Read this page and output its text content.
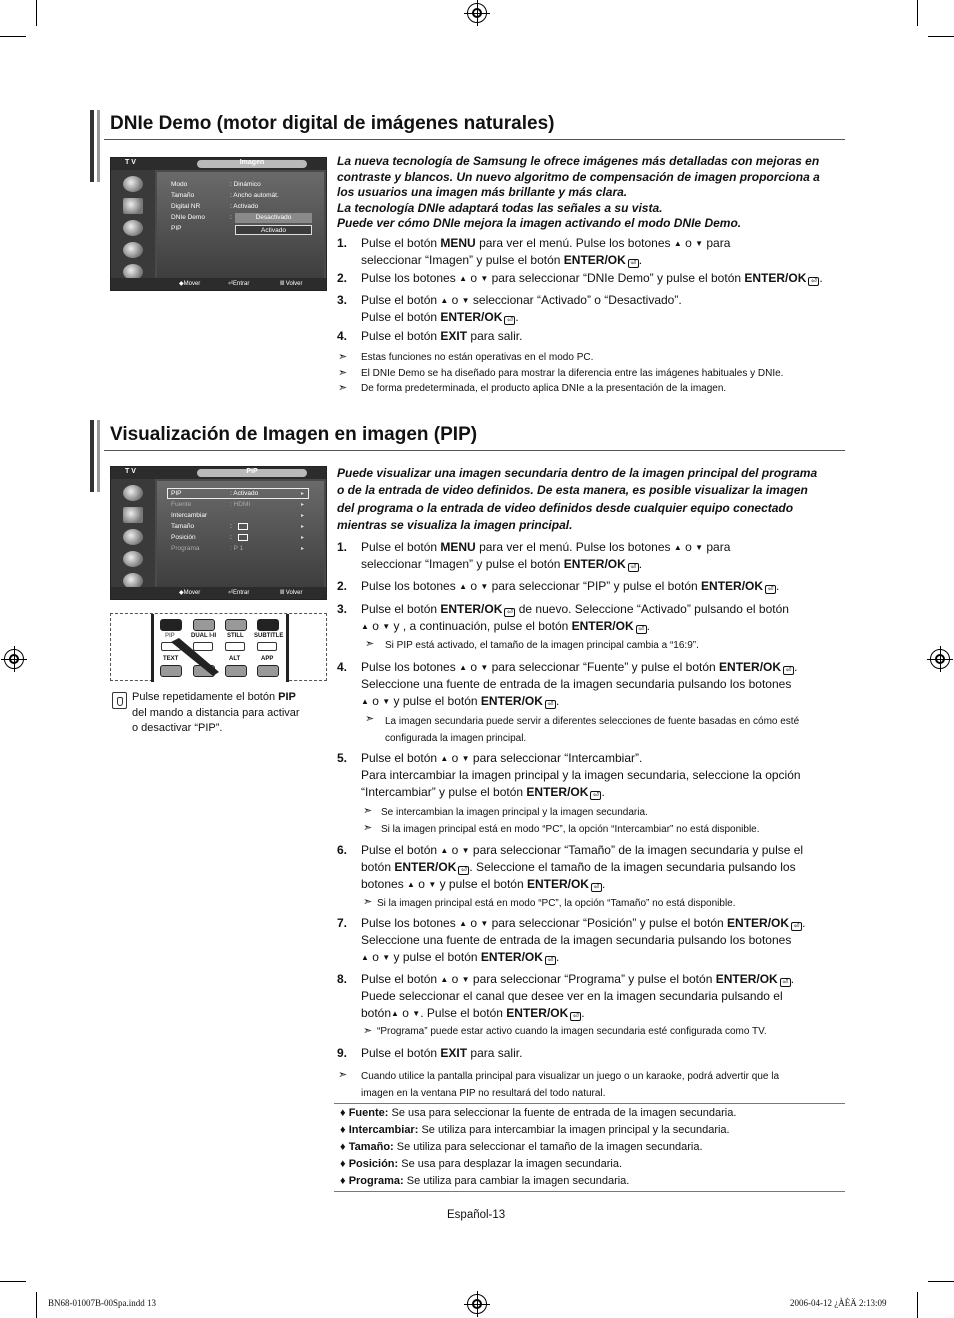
DNIe Demo (motor digital de imágenes naturales)
T V	Imagen
Modo	: Dinámico
Tamaño	: Ancho automát.
Digital NR	: Activado
DNIe Demo	:
PIP
Desactivado
Activado
◆Mover	⏎Entrar	Ⅲ Volver
La nueva tecnología de Samsung le ofrece imágenes más detalladas con mejoras en
contraste y blancos. Un nuevo algoritmo de compensación de imagen proporciona a
los usuarios una imagen más brillante y más clara.
La tecnología DNIe adaptará todas las señales a su vista.
Puede ver cómo DNIe mejora la imagen activando el modo DNIe Demo.
1. Pulse el botón MENU para ver el menú. Pulse los botones ▲ o ▼ para
seleccionar “Imagen” y pulse el botón ENTER/OK ⏎ .
2. Pulse los botones ▲ o ▼ para seleccionar “DNIe Demo” y pulse el botón ENTER/OK ⏎ .
3. Pulse el botón ▲ o ▼ seleccionar “Activado” o “Desactivado”.
Pulse el botón ENTER/OK ⏎ .
4. Pulse el botón EXIT para salir.
➣ Estas funciones no están operativas en el modo PC.
➣ El DNIe Demo se ha diseñado para mostrar la diferencia entre las imágenes habituales y DNIe.
➣ De forma predeterminada, el producto aplica DNIe a la presentación de la imagen.
Visualización de Imagen en imagen (PIP)
T V	PIP
PIP	: Activado	▸
Fuente	: HDMI	▸
Intercambiar	▸
Tamaño	:	▸
Posición	:	▸
Programa	: P 1	▸
◆Mover	⏎Entrar	Ⅲ Volver
PIP	DUAL I-II STILL SUBTITLE
TEXT	ALT	APP
Pulse repetidamente el botón PIP
del mando a distancia para activar
o desactivar “PIP”.
Puede visualizar una imagen secundaria dentro de la imagen principal del programa
o de la entrada de video definidos. De esta manera, es posible visualizar la imagen
del programa o la entrada de video definidos desde cualquier equipo conectado
mientras se visualiza la imagen principal.
1. Pulse el botón MENU para ver el menú. Pulse los botones ▲ o ▼ para
seleccionar “Imagen” y pulse el botón ENTER/OK ⏎ .
2. Pulse los botones ▲ o ▼ para seleccionar “PIP” y pulse el botón ENTER/OK ⏎ .
3. Pulse el botón ENTER/OK ⏎ de nuevo. Seleccione “Activado” pulsando el botón
▲ o ▼ y , a continuación, pulse el botón ENTER/OK ⏎ .
➣ Si PIP está activado, el tamaño de la imagen principal cambia a “16:9”.
4. Pulse los botones ▲ o ▼ para seleccionar “Fuente” y pulse el botón ENTER/OK ⏎ .
Seleccione una fuente de entrada de la imagen secundaria pulsando los botones
▲ o ▼ y pulse el botón ENTER/OK ⏎ .
➣ La imagen secundaria puede servir a diferentes selecciones de fuente basadas en cómo esté
configurada la imagen principal.
5. Pulse el botón ▲ o ▼ para seleccionar “Intercambiar”.
Para intercambiar la imagen principal y la imagen secundaria, seleccione la opción
“Intercambiar” y pulse el botón ENTER/OK ⏎ .
➣ Se intercambian la imagen principal y la imagen secundaria.
➣ Si la imagen principal está en modo “PC”, la opción “Intercambiar” no está disponible.
6. Pulse el botón ▲ o ▼ para seleccionar “Tamaño” de la imagen secundaria y pulse el
botón ENTER/OK ⏎ . Seleccione el tamaño de la imagen secundaria pulsando los
botones ▲ o ▼ y pulse el botón ENTER/OK ⏎ .
➣ Si la imagen principal está en modo “PC”, la opción “Tamaño” no está disponible.
7. Pulse los botones ▲ o ▼ para seleccionar “Posición” y pulse el botón ENTER/OK ⏎ .
Seleccione una fuente de entrada de la imagen secundaria pulsando los botones
▲ o ▼ y pulse el botón ENTER/OK ⏎ .
8. Pulse el botón ▲ o ▼ para seleccionar “Programa” y pulse el botón ENTER/OK ⏎ .
Puede seleccionar el canal que desee ver en la imagen secundaria pulsando el
botón▲ o ▼. Pulse el botón ENTER/OK ⏎ .
➣ “Programa” puede estar activo cuando la imagen secundaria esté configurada como TV.
9. Pulse el botón EXIT para salir.
➣ Cuando utilice la pantalla principal para visualizar un juego o un karaoke, podrá advertir que la
imagen en la ventana PIP no resultará del todo natural.
♦ Fuente: Se usa para seleccionar la fuente de entrada de la imagen secundaria.
♦ Intercambiar: Se utiliza para intercambiar la imagen principal y la secundaria.
♦ Tamaño: Se utiliza para seleccionar el tamaño de la imagen secundaria.
♦ Posición: Se usa para desplazar la imagen secundaria.
♦ Programa: Se utiliza para cambiar la imagen secundaria.
Español-13
BN68-01007B-00Spa.indd 13	2006-04-12 ¿ÀÈÄ 2:13:09
